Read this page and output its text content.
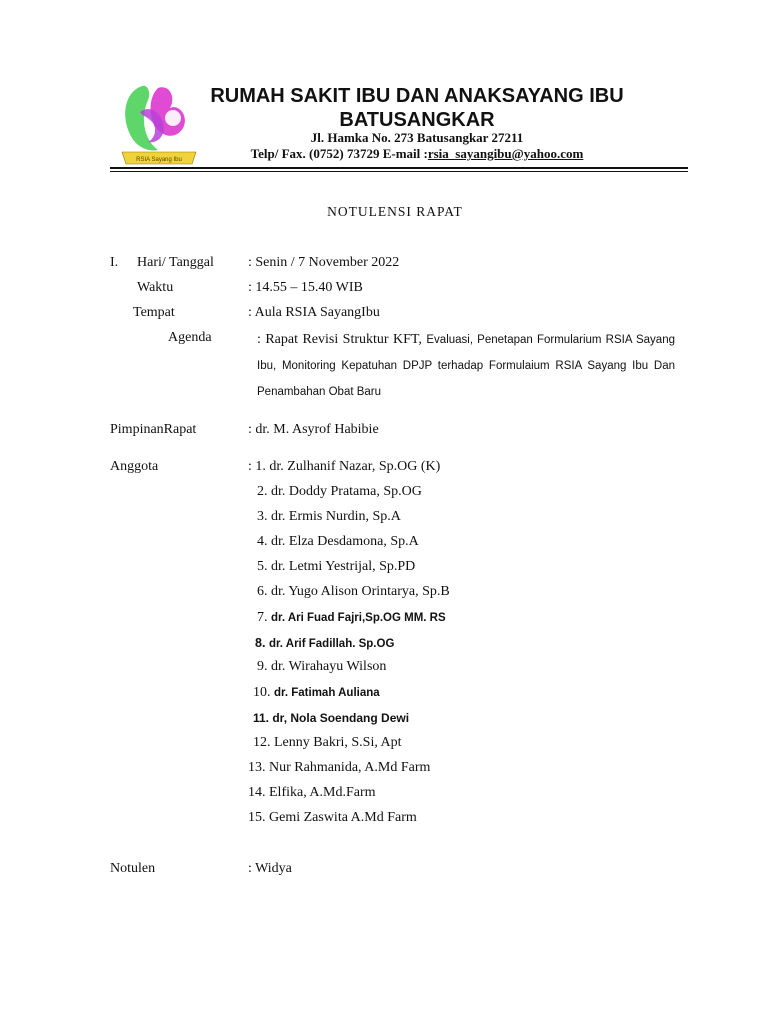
RSIA Sayang Ibu
RUMAH SAKIT IBU DAN ANAKSAYANG IBU
BATUSANGKAR
Jl. Hamka No. 273 Batusangkar 27211
Telp/ Fax. (0752) 73729 E-mail :rsia_sayangibu@yahoo.com
NOTULENSI RAPAT
I. Hari/ Tanggal : Senin / 7 November 2022
Waktu	: 14.55 – 15.40 WIB
Tempat	: Aula RSIA SayangIbu
Agenda	: Rapat Revisi Struktur KFT, Evaluasi, Penetapan Formularium RSIA Sayang Ibu, Monitoring Kepatuhan DPJP terhadap Formulaium RSIA Sayang Ibu Dan Penambahan Obat Baru
PimpinanRapat	: dr. M. Asyrof Habibie
Anggota	: 1. dr. Zulhanif Nazar, Sp.OG (K)
2. dr. Doddy Pratama, Sp.OG
3. dr. Ermis Nurdin, Sp.A
4. dr. Elza Desdamona, Sp.A
5. dr. Letmi Yestrijal, Sp.PD
6. dr. Yugo Alison Orintarya, Sp.B
7. dr. Ari Fuad Fajri,Sp.OG MM. RS
8. dr. Arif Fadillah. Sp.OG
9. dr. Wirahayu Wilson
10. dr. Fatimah Auliana
11. dr, Nola Soendang Dewi
12. Lenny Bakri, S.Si, Apt
13. Nur Rahmanida, A.Md Farm
14. Elfika, A.Md.Farm
15. Gemi Zaswita A.Md Farm
Notulen	: Widya
